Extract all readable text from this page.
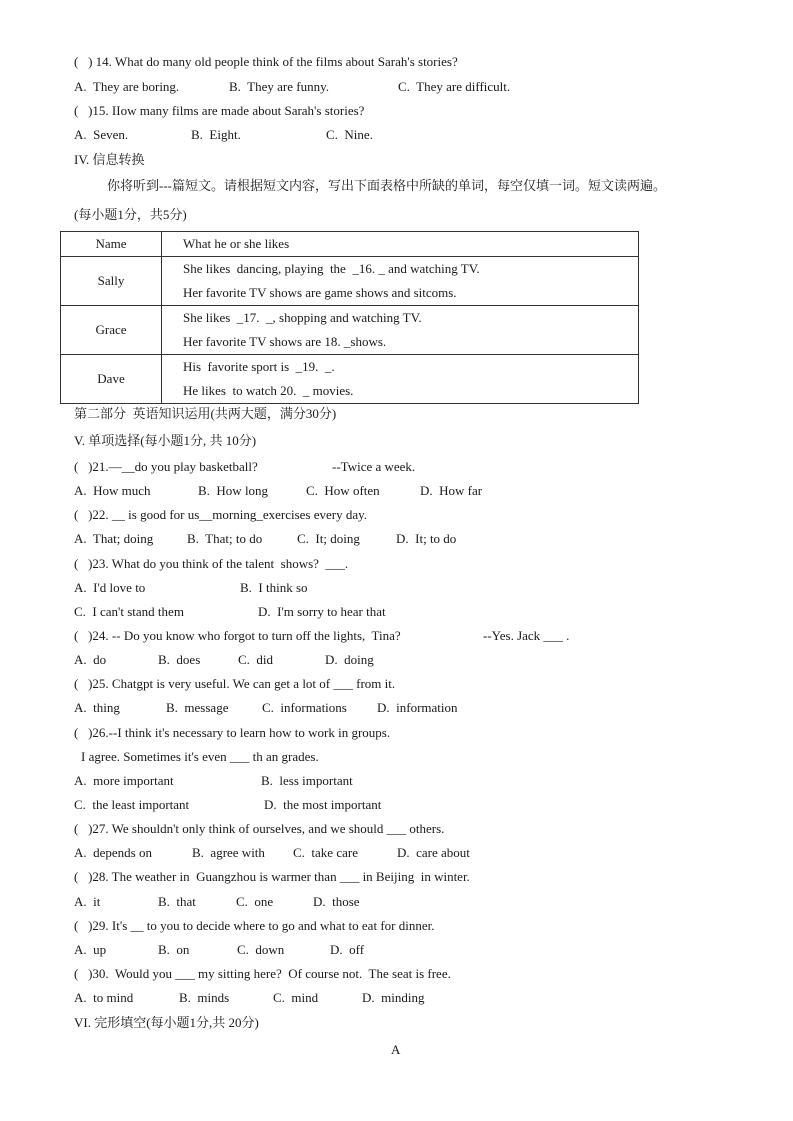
(   ) 14. What do many old people think of the films about Sarah's stories?
A.  They are boring.	B.  They are funny.	C.  They are difficult.
(   )15. IIow many films are made about Sarah's stories?
A.  Seven.	B.  Eight.	C.  Nine.
IV. 信息转换
你将听到---篇短文。请根据短文内容，写出下面表格中所缺的单词，每空仅填一词。短文读两遍。
(每小题1分，共5分)
Name	What he or she likes
Sally	She likes  dancing, playing  the  _16. _ and watching TV.
Her favorite TV shows are game shows and sitcoms.

Grace	She likes  _17.  _, shopping and watching TV.
Her favorite TV shows are 18. _shows.

Dave	His  favorite sport is  _19.  _.
He likes  to watch 20.  _ movies.
第二部分  英语知识运用(共两大题，满分30分)
V. 单项选择(每小题1分, 共 10分)
(   )21.—__do you play basketball?	--Twice a week.
A.  How much	B.  How long	C.  How often	D.  How far
(   )22. __ is good for us__morning_exercises every day.
A.  That; doing	B.  That; to do	C.  It; doing	D.  It; to do
(   )23. What do you think of the talent  shows?  ___.
A.  I'd love to	B.  I think so
C.  I can't stand them	D.  I'm sorry to hear that
(   )24. -- Do you know who forgot to turn off the lights,  Tina?	--Yes. Jack ___ .
A.  do	B.  does	C.  did	D.  doing
(   )25. Chatgpt is very useful. We can get a lot of ___ from it.
A.  thing	B.  message	C.  informations D.  information
(   )26.--I think it's necessary to learn how to work in groups.
I agree. Sometimes it's even ___ th an grades.
A.  more important	B.  less important
C.  the least important	D.  the most important
(   )27. We shouldn't only think of ourselves, and we should ___ others.
A.  depends on	B.  agree with C.  take care	D.  care about
(   )28. The weather in  Guangzhou is warmer than ___ in Beijing  in winter.
A.  it	B.  that	C.  one	D.  those
(   )29. It's __ to you to decide where to go and what to eat for dinner.
A.  up	B.  on	C.  down	D.  off
(   )30.  Would you ___ my sitting here?  Of course not.  The seat is free.
A.  to mind	B.  minds	C.  mind	D.  minding
VI. 完形填空(每小题1分,共 20分)
A
